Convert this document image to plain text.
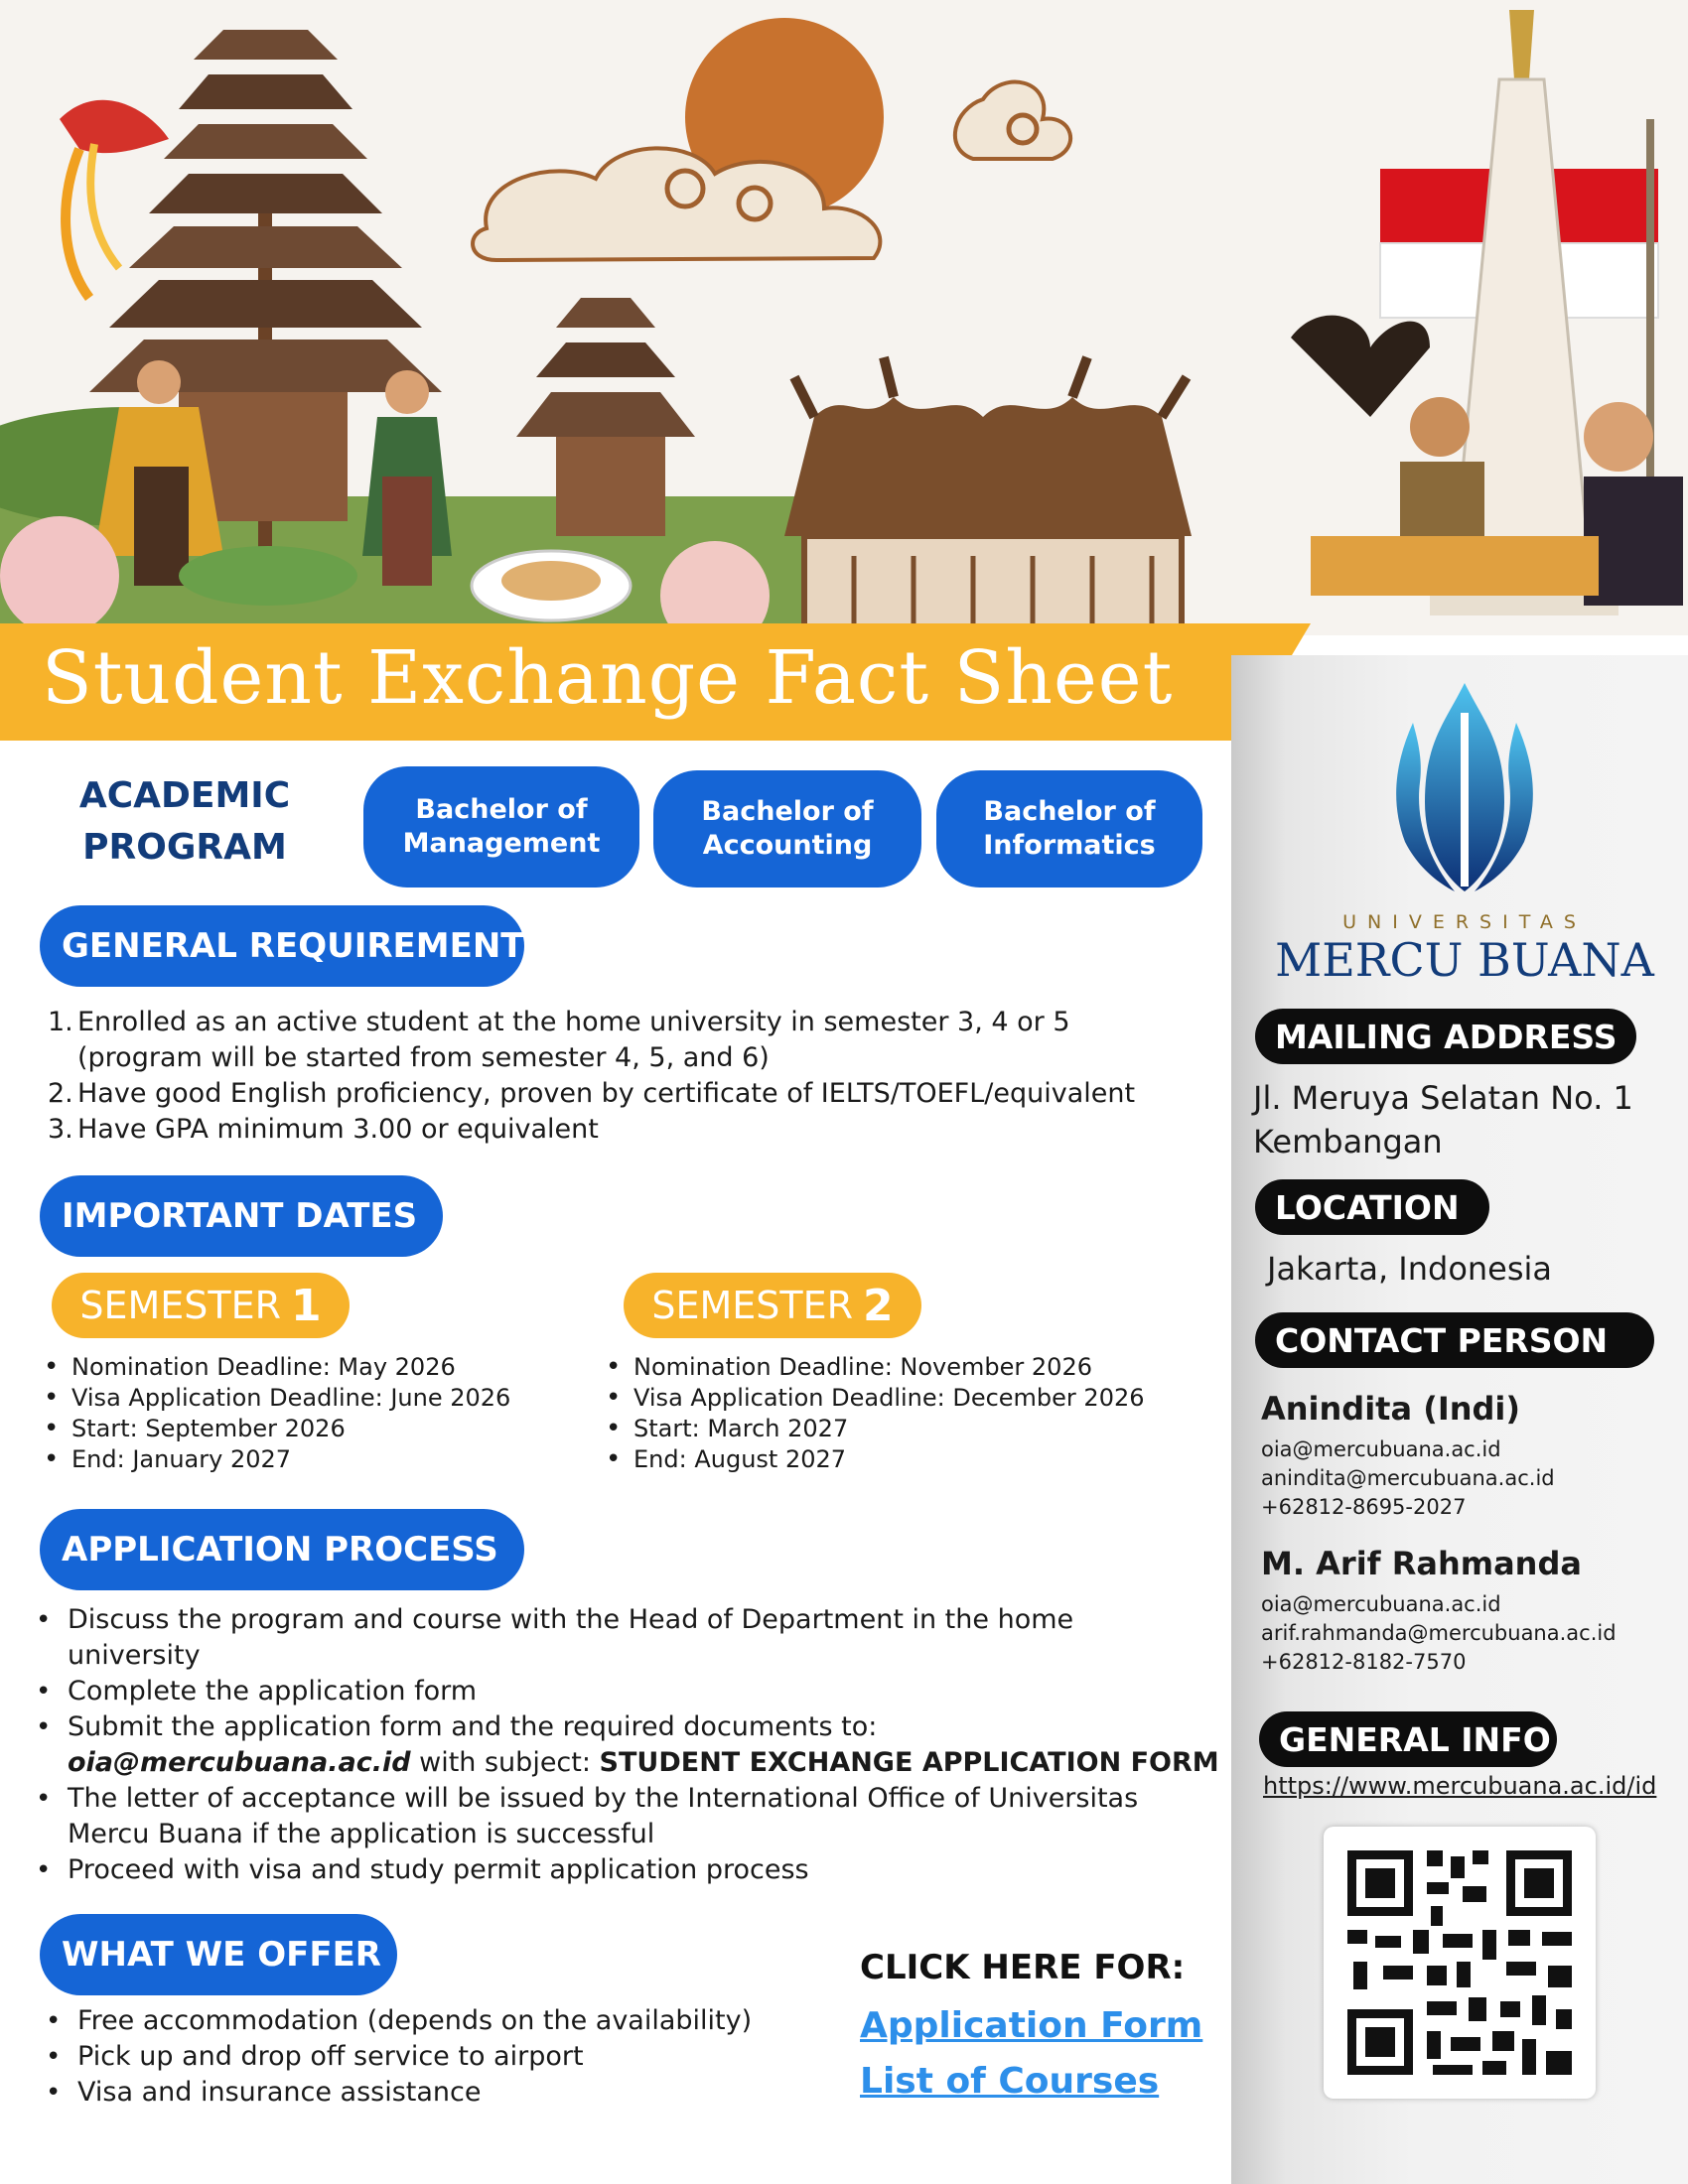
Student Exchange Fact Sheet
ACADEMIC
PROGRAM
Bachelor of
Management
Bachelor of
Accounting
Bachelor of
Informatics
GENERAL REQUIREMENT
1. Enrolled as an active student at the home university in semester 3, 4 or 5
(program will be started from semester 4, 5, and 6)
2. Have good English proficiency, proven by certificate of IELTS/TOEFL/equivalent
3. Have GPA minimum 3.00 or equivalent
IMPORTANT DATES
SEMESTER 1	SEMESTER 2
• Nomination Deadline: May 2026
• Visa Application Deadline: June 2026
• Start: September 2026
• End: January 2027
• Nomination Deadline: November 2026
• Visa Application Deadline: December 2026
• Start: March 2027
• End: August 2027
APPLICATION PROCESS
• Discuss the program and course with the Head of Department in the home
university
• Complete the application form
• Submit the application form and the required documents to:
oia@mercubuana.ac.id with subject: STUDENT EXCHANGE APPLICATION FORM
• The letter of acceptance will be issued by the International Office of Universitas
Mercu Buana if the application is successful
• Proceed with visa and study permit application process
WHAT WE OFFER
• Free accommodation (depends on the availability)
• Pick up and drop off service to airport
• Visa and insurance assistance
CLICK HERE FOR:
Application Form
List of Courses
UNIVERSITAS
MERCU BUANA
MAILING ADDRESS
Jl. Meruya Selatan No. 1
Kembangan
LOCATION
Jakarta, Indonesia
CONTACT PERSON
Anindita (Indi)
oia@mercubuana.ac.id
anindita@mercubuana.ac.id
+62812-8695-2027
M. Arif Rahmanda
oia@mercubuana.ac.id
arif.rahmanda@mercubuana.ac.id
+62812-8182-7570
GENERAL INFO
https://www.mercubuana.ac.id/id
